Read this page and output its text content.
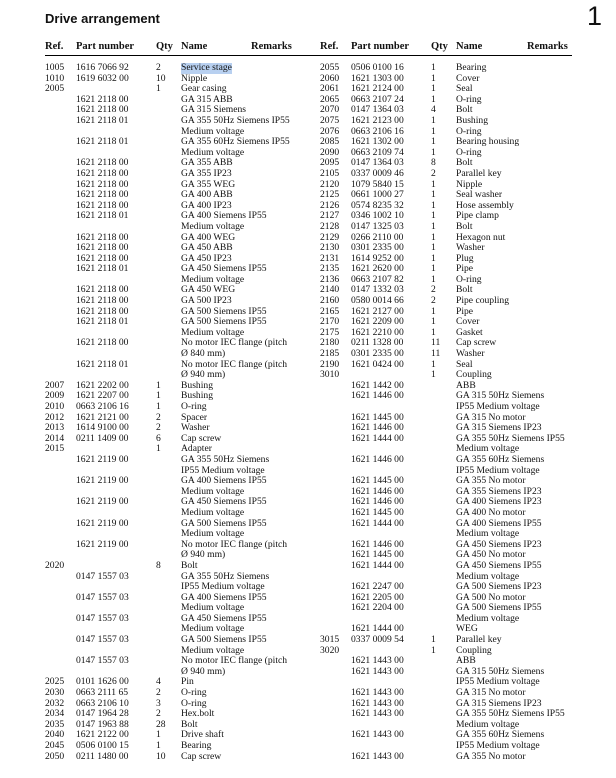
Drive arrangement	1
Ref. Part number Qty Name	Remarks	Ref. Part number Qty Name	Remarks
1005 1616 7066 92	2 Service stage
1010 1619 6032 00	10 Nipple
2005	1 Gear casing
1621 2118 00	GA 315 ABB
1621 2118 00	GA 315 Siemens
1621 2118 01	GA 355 50Hz Siemens IP55
Medium voltage
1621 2118 01	GA 355 60Hz Siemens IP55
Medium voltage
1621 2118 00	GA 355 ABB
1621 2118 00	GA 355 IP23
1621 2118 00	GA 355 WEG
1621 2118 00	GA 400 ABB
1621 2118 00	GA 400 IP23
1621 2118 01	GA 400 Siemens IP55
Medium voltage
1621 2118 00	GA 400 WEG
1621 2118 00	GA 450 ABB
1621 2118 00	GA 450 IP23
1621 2118 01	GA 450 Siemens IP55
Medium voltage
1621 2118 00	GA 450 WEG
1621 2118 00	GA 500 IP23
1621 2118 00	GA 500 Siemens IP55
1621 2118 01	GA 500 Siemens IP55
Medium voltage
1621 2118 00	No motor IEC flange (pitch
Ø 840 mm)
1621 2118 01	No motor IEC flange (pitch
Ø 940 mm)
2007 1621 2202 00	1 Bushing
2009 1621 2207 00	1 Bushing
2010 0663 2106 16	1 O-ring
2012 1621 2121 00	2 Spacer
2013 1614 9100 00	2 Washer
2014 0211 1409 00	6 Cap screw
2015	1 Adapter
1621 2119 00	GA 355 50Hz Siemens
IP55 Medium voltage
1621 2119 00	GA 400 Siemens IP55
Medium voltage
1621 2119 00	GA 450 Siemens IP55
Medium voltage
1621 2119 00	GA 500 Siemens IP55
Medium voltage
1621 2119 00	No motor IEC flange (pitch
Ø 940 mm)
2020	8 Bolt
0147 1557 03	GA 355 50Hz Siemens
IP55 Medium voltage
0147 1557 03	GA 400 Siemens IP55
Medium voltage
0147 1557 03	GA 450 Siemens IP55
Medium voltage
0147 1557 03	GA 500 Siemens IP55
Medium voltage
0147 1557 03	No motor IEC flange (pitch
Ø 940 mm)
2025 0101 1626 00	4 Pin
2030 0663 2111 65	2 O-ring
2032 0663 2106 10	3 O-ring
2034 0147 1964 28	2 Hex.bolt
2035 0147 1963 88	28 Bolt
2040 1621 2122 00	1 Drive shaft
2045 0506 0100 15	1 Bearing
2050 0211 1480 00	10 Cap screw
2055 0506 0100 16	1 Bearing
2060 1621 1303 00	1 Cover
2061 1621 2124 00	1 Seal
2065 0663 2107 24	1 O-ring
2070 0147 1364 03	4 Bolt
2075 1621 2123 00	1 Bushing
2076 0663 2106 16	1 O-ring
2085 1621 1302 00	1 Bearing housing
2090 0663 2109 74	1 O-ring
2095 0147 1364 03	8 Bolt
2105 0337 0009 46	2 Parallel key
2120 1079 5840 15	1 Nipple
2125 0661 1000 27	1 Seal washer
2126 0574 8235 32	1 Hose assembly
2127 0346 1002 10	1 Pipe clamp
2128 0147 1325 03	1 Bolt
2129 0266 2110 00	1 Hexagon nut
2130 0301 2335 00	1 Washer
2131 1614 9252 00	1 Plug
2135 1621 2620 00	1 Pipe
2136 0663 2107 82	1 O-ring
2140 0147 1332 03	2 Bolt
2160 0580 0014 66	2 Pipe coupling
2165 1621 2127 00	1 Pipe
2170 1621 2209 00	1 Cover
2175 1621 2210 00	1 Gasket
2180 0211 1328 00	11 Cap screw
2185 0301 2335 00	11 Washer
2190 1621 0424 00	1 Seal
3010	1 Coupling
1621 1442 00	ABB
1621 1446 00	GA 315 50Hz Siemens
IP55 Medium voltage
1621 1445 00	GA 315 No motor
1621 1446 00	GA 315 Siemens IP23
1621 1444 00	GA 355 50Hz Siemens IP55
Medium voltage
1621 1446 00	GA 355 60Hz Siemens
IP55 Medium voltage
1621 1445 00	GA 355 No motor
1621 1446 00	GA 355 Siemens IP23
1621 1446 00	GA 400 Siemens IP23
1621 1445 00	GA 400 No motor
1621 1444 00	GA 400 Siemens IP55
Medium voltage
1621 1446 00	GA 450 Siemens IP23
1621 1445 00	GA 450 No motor
1621 1444 00	GA 450 Siemens IP55
Medium voltage
1621 2247 00	GA 500 Siemens IP23
1621 2205 00	GA 500 No motor
1621 2204 00	GA 500 Siemens IP55
Medium voltage
1621 1444 00	WEG
3015 0337 0009 54	1 Parallel key
3020	1 Coupling
1621 1443 00	ABB
1621 1443 00	GA 315 50Hz Siemens
IP55 Medium voltage
1621 1443 00	GA 315 No motor
1621 1443 00	GA 315 Siemens IP23
1621 1443 00	GA 355 50Hz Siemens IP55
Medium voltage
1621 1443 00	GA 355 60Hz Siemens
IP55 Medium voltage
1621 1443 00	GA 355 No motor
